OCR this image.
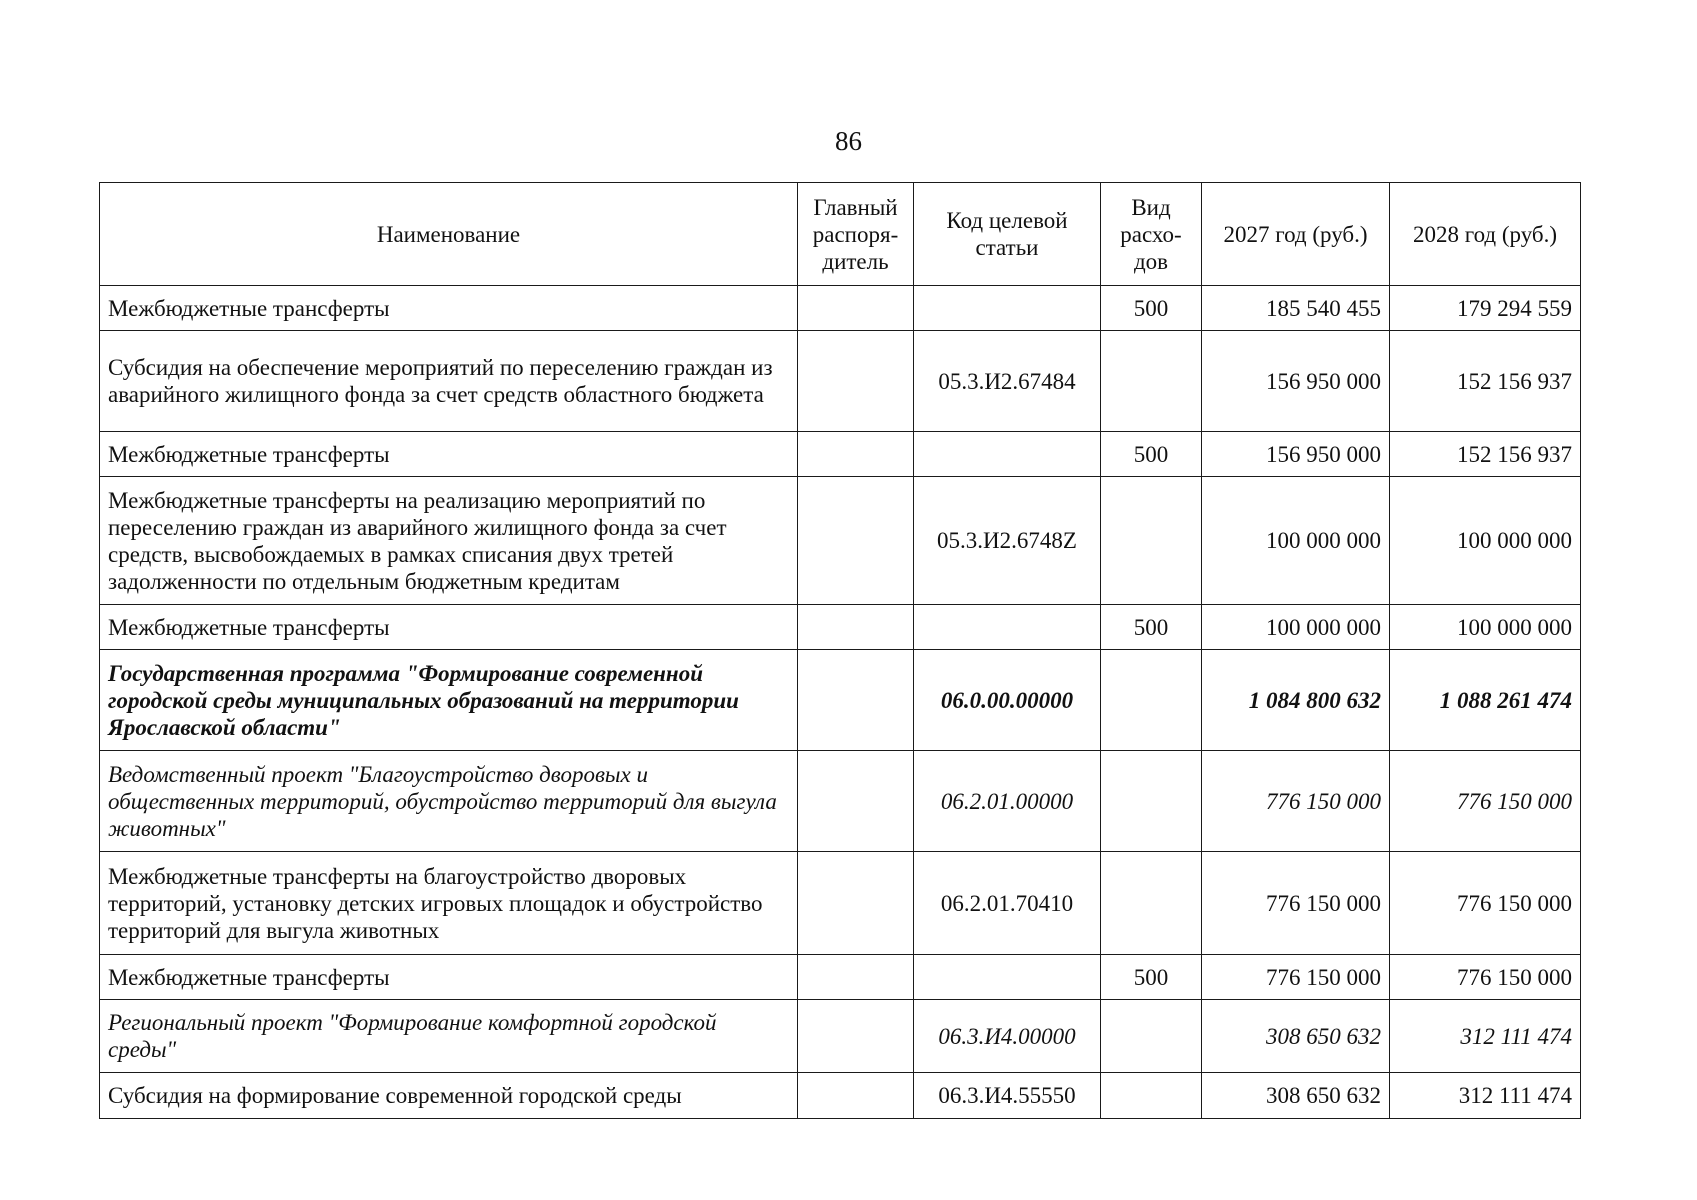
86
Наименование	Главный распоря-дитель	Код целевой статьи	Вид расхо-дов	2027 год (руб.)	2028 год (руб.)
Межбюджетные трансферты			500	185 540 455	179 294 559
Субсидия на обеспечение мероприятий по переселению граждан из аварийного жилищного фонда за счет средств областного бюджета		05.3.И2.67484		156 950 000	152 156 937
Межбюджетные трансферты			500	156 950 000	152 156 937
Межбюджетные трансферты на реализацию мероприятий по переселению граждан из аварийного жилищного фонда за счет средств, высвобождаемых в рамках списания двух третей задолженности по отдельным бюджетным кредитам		05.3.И2.6748Z		100 000 000	100 000 000
Межбюджетные трансферты			500	100 000 000	100 000 000
Государственная программа "Формирование современной городской среды муниципальных образований на территории Ярославской области"		06.0.00.00000		1 084 800 632	1 088 261 474
Ведомственный проект "Благоустройство дворовых и общественных территорий, обустройство территорий для выгула животных"		06.2.01.00000		776 150 000	776 150 000
Межбюджетные трансферты на благоустройство дворовых территорий, установку детских игровых площадок и обустройство территорий для выгула животных		06.2.01.70410		776 150 000	776 150 000
Межбюджетные трансферты			500	776 150 000	776 150 000
Региональный проект "Формирование комфортной городской среды"		06.3.И4.00000		308 650 632	312 111 474
Субсидия на формирование современной городской среды		06.3.И4.55550		308 650 632	312 111 474
